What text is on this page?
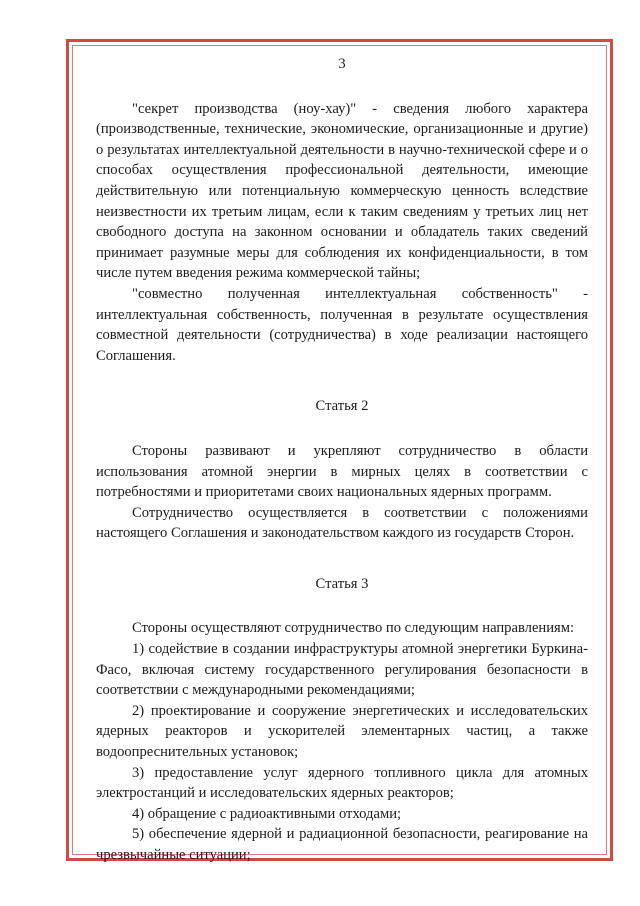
3

"секрет производства (ноу-хау)" - сведения любого характера (производственные, технические, экономические, организационные и другие) о результатах интеллектуальной деятельности в научно-технической сфере и о способах осуществления профессиональной деятельности, имеющие действительную или потенциальную коммерческую ценность вследствие неизвестности их третьим лицам, если к таким сведениям у третьих лиц нет свободного доступа на законном основании и обладатель таких сведений принимает разумные меры для соблюдения их конфиденциальности, в том числе путем введения режима коммерческой тайны;

"совместно полученная интеллектуальная собственность" - интеллектуальная собственность, полученная в результате осуществления совместной деятельности (сотрудничества) в ходе реализации настоящего Соглашения.

Статья 2

Стороны развивают и укрепляют сотрудничество в области использования атомной энергии в мирных целях в соответствии с потребностями и приоритетами своих национальных ядерных программ.

Сотрудничество осуществляется в соответствии с положениями настоящего Соглашения и законодательством каждого из государств Сторон.

Статья 3

Стороны осуществляют сотрудничество по следующим направлениям:

1) содействие в создании инфраструктуры атомной энергетики Буркина-Фасо, включая систему государственного регулирования безопасности в соответствии с международными рекомендациями;

2) проектирование и сооружение энергетических и исследовательских ядерных реакторов и ускорителей элементарных частиц, а также водоопреснительных установок;

3) предоставление услуг ядерного топливного цикла для атомных электростанций и исследовательских ядерных реакторов;

4) обращение с радиоактивными отходами;

5) обеспечение ядерной и радиационной безопасности, реагирование на чрезвычайные ситуации;
